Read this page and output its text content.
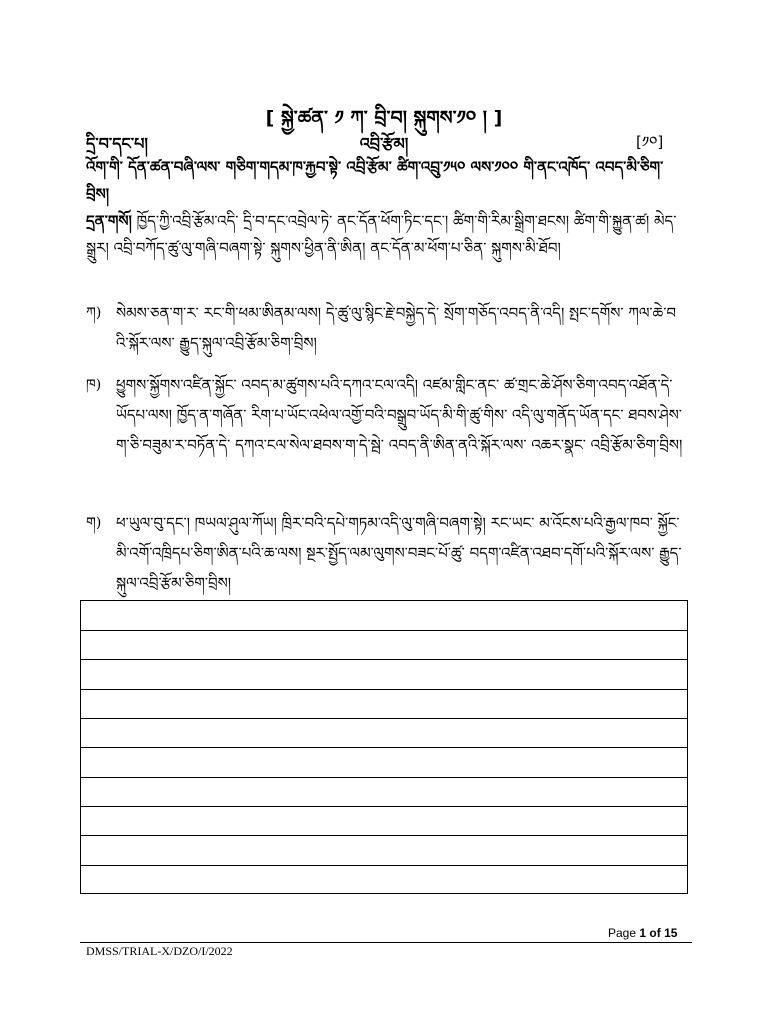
[ སྐྱེ་ཚན་ ༡ ཀ་ བྲི་བ། སྐུགས་༡༠ ། ]
དྲི་བ་དང་པ།	འབྲི་རྩོམ།	[༡༠]
འོག་གི་ དོན་ཚན་བཞི་ལས་ གཅིག་གདམ་ཁ་རྐྱབ་སྟེ་ འབྲི་རྩོམ་ ཚིག་འབྲུ་༡༥༠ ལས་༡༠༠ གི་ནང་འཁོད་ འབད་མི་ཅིག་བྲིས།
དྲན་གསོ། ཁྱོད་ཀྱི་འབྲི་རྩོམ་འདི་ དྲི་བ་དང་འབྲེལ་ཏེ་ ནང་དོན་ཕོག་ཏིང་དང་། ཚིག་གི་རིམ་སྒྲིག་ཐངས། ཚིག་གི་སྐྱུན་ཚ། མེད་སྒྲུར། འབྲི་བཀོད་ཚུ་ལུ་གཞི་བཞག་སྟེ་ སྐུགས་ཕྱིན་ནི་ཨིན། ནང་དོན་མ་ཕོག་པ་ཅིན་ སྐུགས་མི་ཐོབ།
ཀ) སེམས་ཅན་ག་ར་ རང་གི་ཕམ་ཨིནམ་ལས། དེ་ཚུ་ལུ་སྙིང་རྗེ་བསྐྱེད་དེ་ སྲོག་གཅོད་འབད་ནི་འདི། སྤང་དགོས་ ཀལ་ཆེ་བའི་སྐོར་ལས་ རྒྱུད་སྐུལ་འབྲི་རྩོམ་ཅིག་བྲིས།
ཁ) ཕྱུགས་སྐྱོགས་འཛིན་སྐྱོང་ འབད་མ་ཚུགས་པའི་དཀའ་ངལ་འདི། འཛམ་གླིང་ནང་ ཚ་གྲང་ཆེ་ཤོས་ཅིག་འབད་འཐོན་དེ་ ཡོདཔ་ལས། ཁྱོད་ན་གཞོན་ རིག་པ་ཡོང་འཕེལ་འགྱོ་བའི་བསྒྲུབ་ཡོད་མི་གི་ཚུ་གིས་ འདི་ལུ་གནོད་ཡོན་དང་ ཐབས་ཤེས་ག་ཅི་བཟུམ་ར་བཏོན་དེ་ དཀའ་ངལ་སེལ་ཐབས་ག་དེ་སྦེ་ འབད་ནི་ཨིན་ནའི་སྐོར་ལས་ འཆར་སྣང་ འབྲི་རྩོམ་ཅིག་བྲིས།
ག) ཕ་ཡུལ་བུ་དང་། ཁཡལ་ཤུལ་ཀོཡ། ཁྲིར་བའི་དཔེ་གཏམ་འདི་ལུ་གཞི་བཞག་སྟེ། རང་ཡང་ མ་འོངས་པའི་རྒྱལ་ཁབ་ སྐྱོང་མི་འགོ་འཁྲིདཔ་ཅིག་ཨིན་པའི་ཆ་ལས། སྔར་སྤྱོད་ལམ་ལུགས་བཟང་པོ་ཚུ་ བདག་འཛིན་འཐབ་དགོ་པའི་སྐོར་ལས་ རྒྱུད་སྐུལ་འབྲི་རྩོམ་ཅིག་བྲིས།
Page 1 of 15
DMSS/TRIAL-X/DZO/I/2022
